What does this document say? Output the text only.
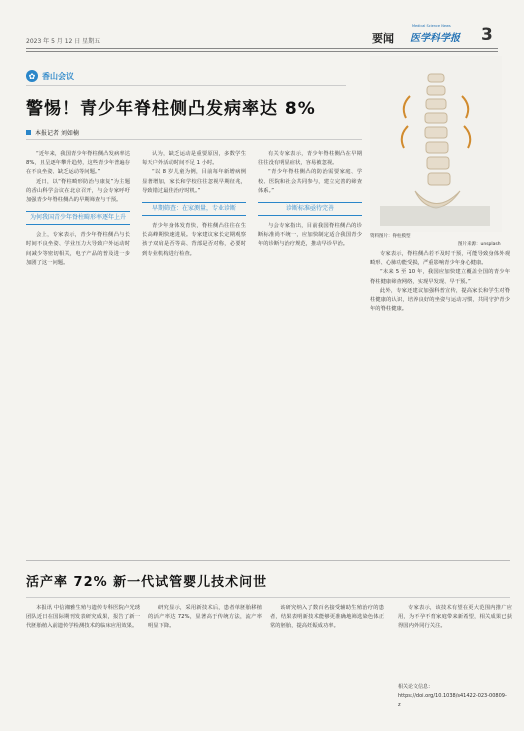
2023 年 5 月 12 日 星期五	要闻
Medical Science News
医学科学报 3
✿ 香山会议
警惕！青少年脊柱侧凸发病率达 8%
本报记者 刘如楠

“近年来，我国青少年脊柱侧凸发病率达 8%，且呈逐年攀升趋势，这些青少年普遍存在不良坐姿、缺乏运动等问题。”

近日，以“脊柱畸形防治与康复”为主题的香山科学会议在北京召开，与会专家呼吁加强青少年脊柱侧凸的早期筛查与干预。

为何我国青少年脊柱畸形率逐年上升

会上，专家表示，青少年脊柱侧凸与长时间不良坐姿、学业压力大导致户外运动时间减少等密切相关，电子产品的普及进一步加剧了这一问题。

认为，缺乏运动是重要原因，多数学生每天户外活动时间不足 1 小时。

“以 8 岁儿童为例，目前每年新增病例显著增加，家长和学校往往忽视早期征兆，导致错过最佳治疗时机。”

早期筛查：在家测量，专业诊断

青少年身体发育快，脊柱侧凸往往在生长高峰期快速进展。专家建议家长定期观察孩子双肩是否等高、背部是否对称，必要时到专业机构进行检查。

有关专家表示，青少年脊柱侧凸在早期往往没有明显症状，容易被忽视。

“青少年脊柱侧凸的防治需要家庭、学校、医院和社会共同参与，建立完善的筛查体系。”

诊断标准亟待完善

与会专家指出，目前我国脊柱侧凸的诊断标准尚不统一，应加快制定适合我国青少年的诊断与治疗规范，推动早诊早治。

资料图片：脊柱模型
图片来源：unsplash

专家表示，脊柱侧凸若不及时干预，可能导致身体外观畸形、心肺功能受损，严重影响青少年身心健康。

“未来 5 至 10 年，我国应加快建立覆盖全国的青少年脊柱健康筛查网络，实现早发现、早干预。”

此外，专家还建议加强科普宣传，提高家长和学生对脊柱健康的认识，培养良好的坐姿与运动习惯，共同守护青少年的脊柱健康。

活产率 72% 新一代试管婴儿技术问世

本报讯 中信湘雅生殖与遗传专科医院卢光琇团队近日在国际期刊发表研究成果，报告了新一代胚胎植入前遗传学检测技术的临床应用效果。

研究显示，采用新技术后，患者单胚胎移植的活产率达 72%，显著高于传统方法，流产率明显下降。

该研究纳入了数百名接受辅助生殖治疗的患者，结果表明新技术能够更准确地筛选染色体正常的胚胎，提高妊娠成功率。

专家表示，该技术有望在更大范围内推广应用，为不孕不育家庭带来新希望，相关成果已获得国内外同行关注。

相关论文信息：https://doi.org/10.1038/s41422-023-00809-z
